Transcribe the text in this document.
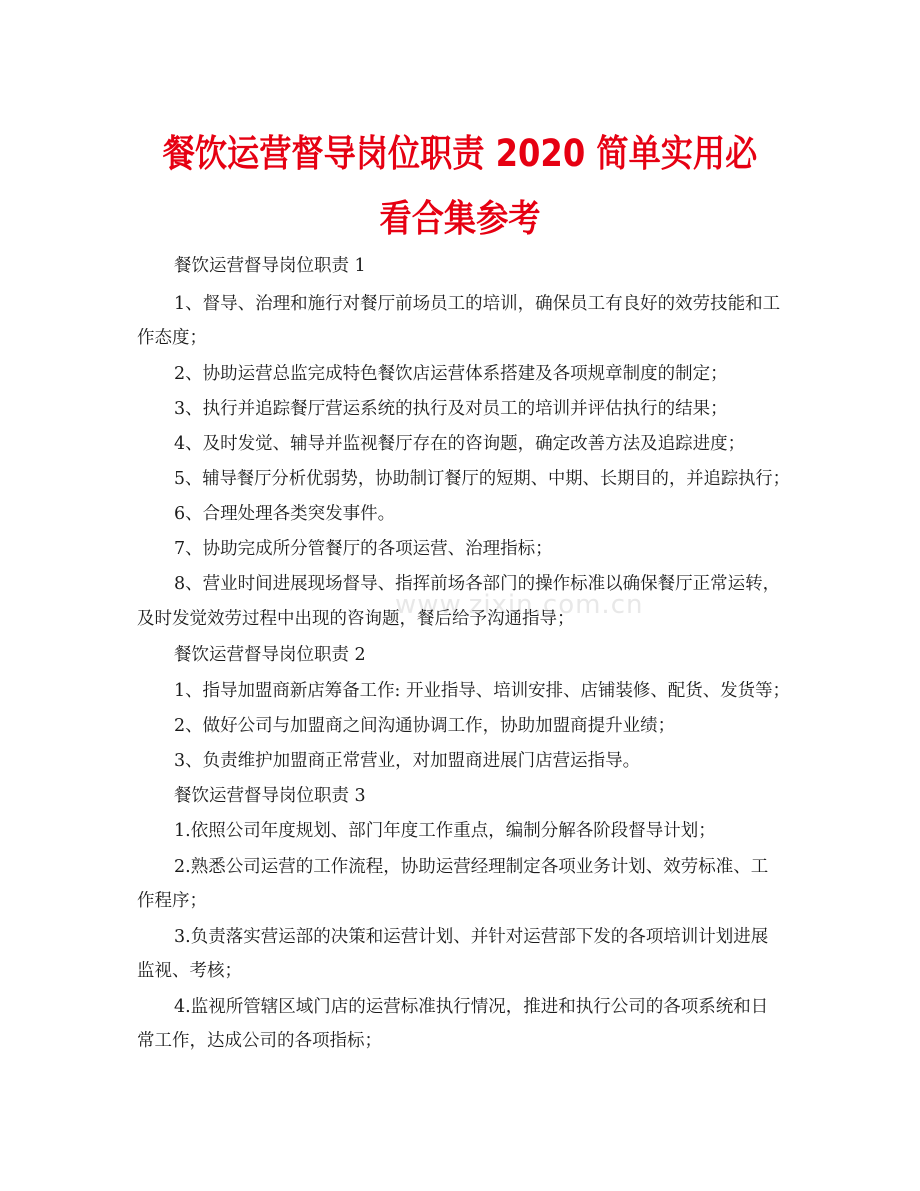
餐饮运营督导岗位职责 2020 简单实用必
看合集参考
www.zixin.com.cn
餐饮运营督导岗位职责 1
1、督导、治理和施行对餐厅前场员工的培训，确保员工有良好的效劳技能和工
作态度；
2、协助运营总监完成特色餐饮店运营体系搭建及各项规章制度的制定；
3、执行并追踪餐厅营运系统的执行及对员工的培训并评估执行的结果；
4、及时发觉、辅导并监视餐厅存在的咨询题，确定改善方法及追踪进度；
5、辅导餐厅分析优弱势，协助制订餐厅的短期、中期、长期目的，并追踪执行；
6、合理处理各类突发事件。
7、协助完成所分管餐厅的各项运营、治理指标；
8、营业时间进展现场督导、指挥前场各部门的操作标准以确保餐厅正常运转，
及时发觉效劳过程中出现的咨询题，餐后给予沟通指导；
餐饮运营督导岗位职责 2
1、指导加盟商新店筹备工作: 开业指导、培训安排、店铺装修、配货、发货等；
2、做好公司与加盟商之间沟通协调工作，协助加盟商提升业绩；
3、负责维护加盟商正常营业，对加盟商进展门店营运指导。
餐饮运营督导岗位职责 3
1.依照公司年度规划、部门年度工作重点，编制分解各阶段督导计划；
2.熟悉公司运营的工作流程，协助运营经理制定各项业务计划、效劳标准、工
作程序；
3.负责落实营运部的决策和运营计划、并针对运营部下发的各项培训计划进展
监视、考核；
4.监视所管辖区域门店的运营标准执行情况，推进和执行公司的各项系统和日
常工作，达成公司的各项指标；
